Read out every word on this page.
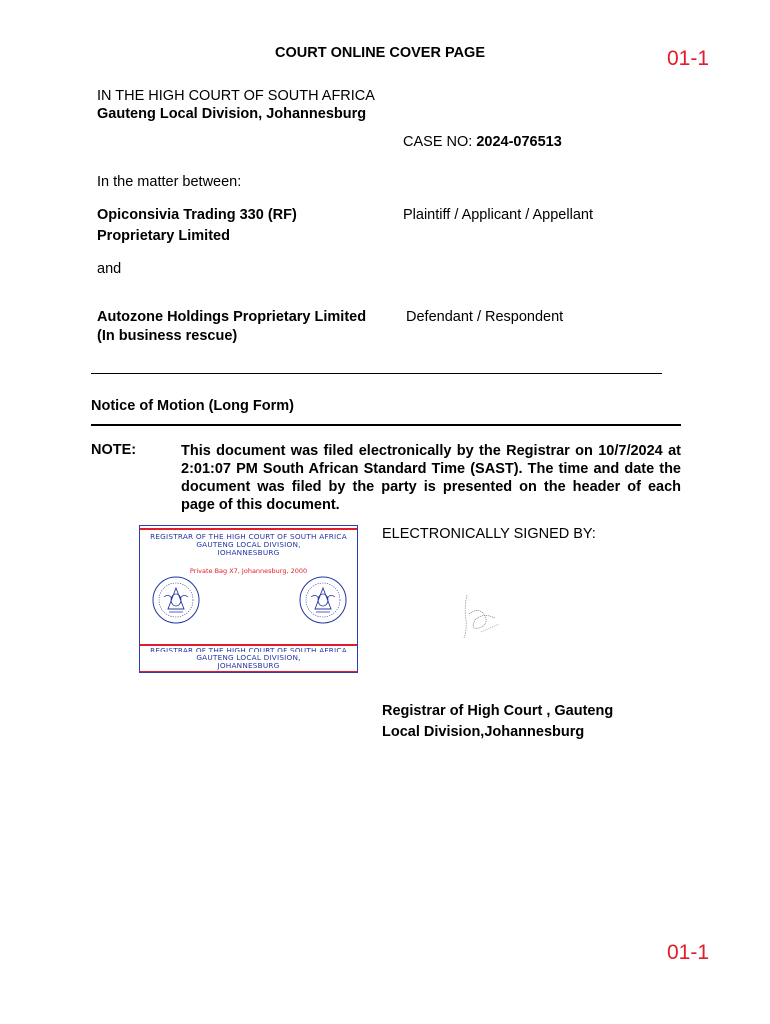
COURT ONLINE COVER PAGE	01-1
IN THE HIGH COURT OF SOUTH AFRICA
Gauteng Local Division, Johannesburg
CASE NO: 2024-076513
In the matter between:
Opiconsivia Trading 330 (RF)
Proprietary Limited
Plaintiff / Applicant / Appellant
and
Autozone Holdings Proprietary Limited
(In business rescue)
Defendant / Respondent
Notice of Motion (Long Form)
NOTE:	This document was filed electronically by the Registrar on 10/7/2024 at 2:01:07 PM South African Standard Time (SAST). The time and date the document was filed by the party is presented on the header of each page of this document.
REGISTRAR OF THE HIGH COURT OF SOUTH AFRICA
GAUTENG LOCAL DIVISION,
JOHANNESBURG
Private Bag X7, Johannesburg, 2000
REGISTRAR OF THE HIGH COURT OF SOUTH AFRICA
GAUTENG LOCAL DIVISION,
JOHANNESBURG
ELECTRONICALLY SIGNED BY:
Registrar of High Court , Gauteng
Local Division,Johannesburg
01-1
